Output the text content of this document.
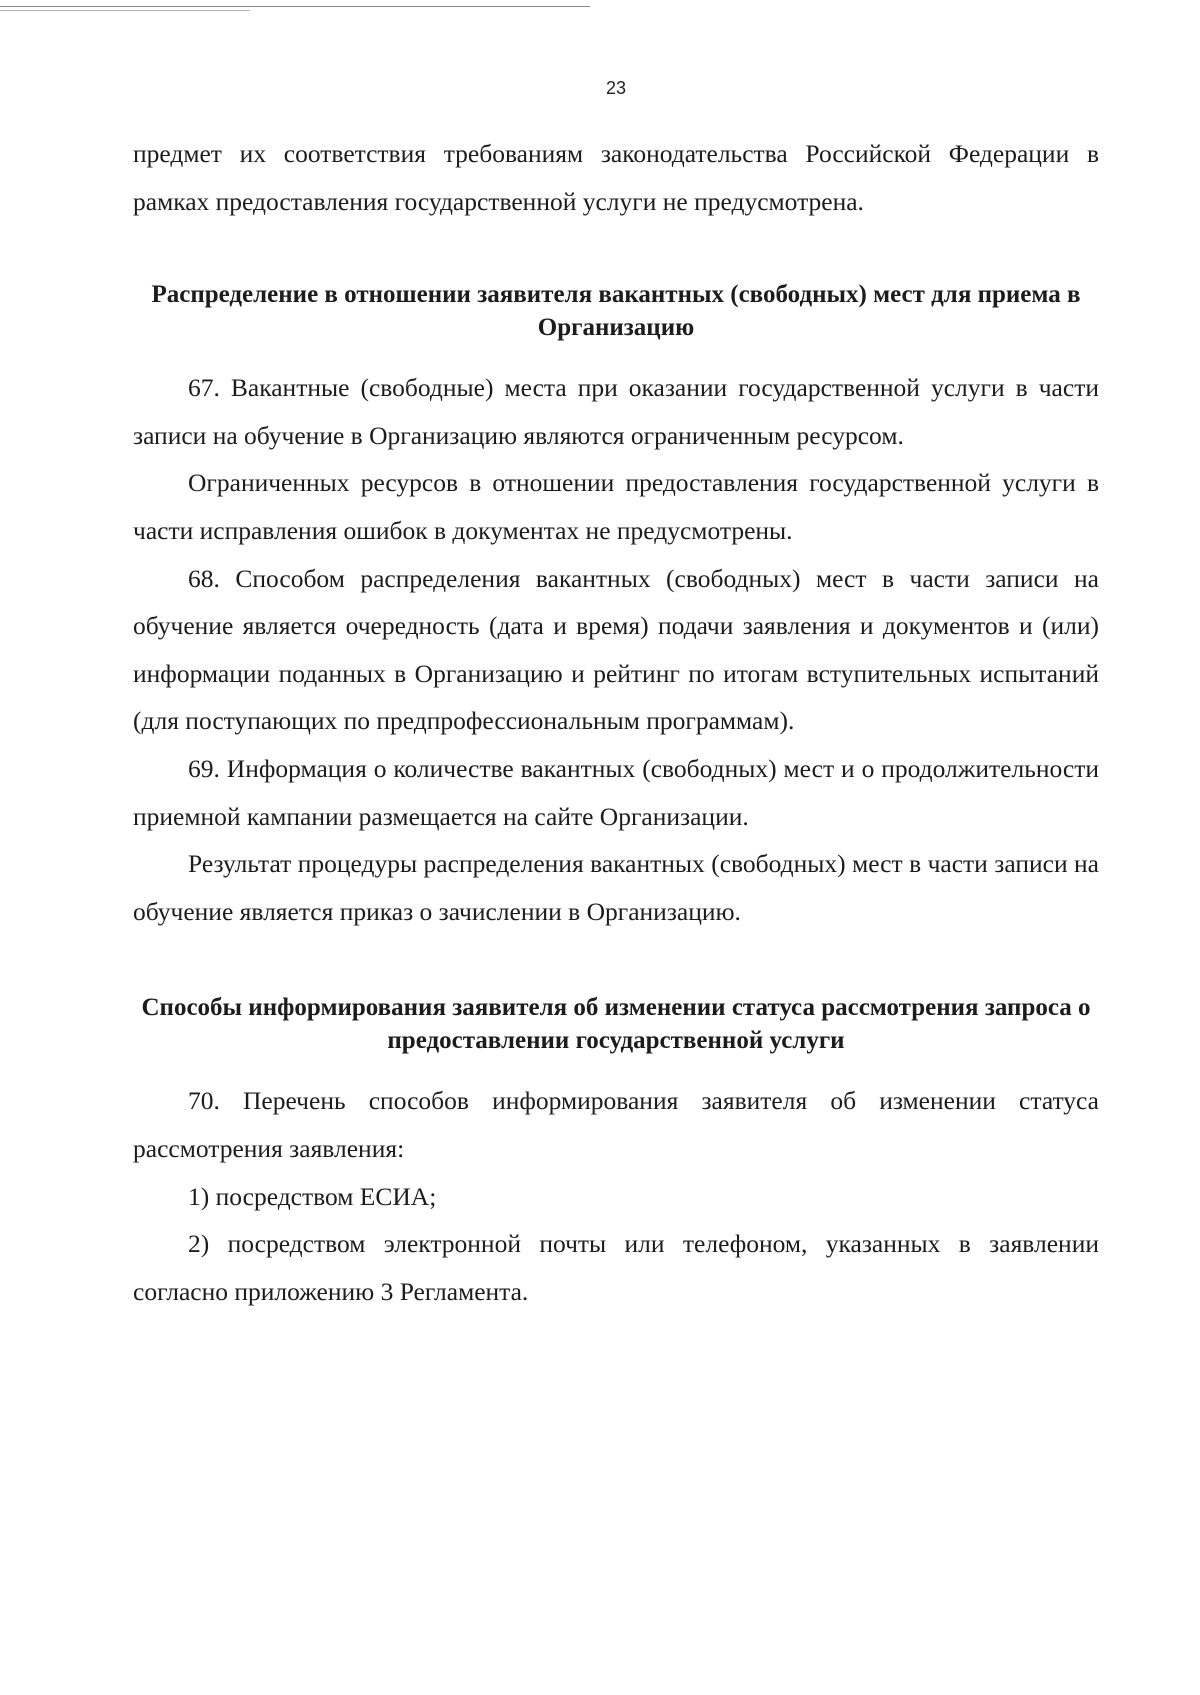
23

предмет их соответствия требованиям законодательства Российской Федерации в рамках предоставления государственной услуги не предусмотрена.

Распределение в отношении заявителя вакантных (свободных) мест для приема в Организацию

67. Вакантные (свободные) места при оказании государственной услуги в части записи на обучение в Организацию являются ограниченным ресурсом.

Ограниченных ресурсов в отношении предоставления государственной услуги в части исправления ошибок в документах не предусмотрены.

68. Способом распределения вакантных (свободных) мест в части записи на обучение является очередность (дата и время) подачи заявления и документов и (или) информации поданных в Организацию и рейтинг по итогам вступительных испытаний (для поступающих по предпрофессиональным программам).

69. Информация о количестве вакантных (свободных) мест и о продолжительности приемной кампании размещается на сайте Организации.

Результат процедуры распределения вакантных (свободных) мест в части записи на обучение является приказ о зачислении в Организацию.

Способы информирования заявителя об изменении статуса рассмотрения запроса о предоставлении государственной услуги

70. Перечень способов информирования заявителя об изменении статуса рассмотрения заявления:

1) посредством ЕСИА;

2) посредством электронной почты или телефоном, указанных в заявлении согласно приложению 3 Регламента.
